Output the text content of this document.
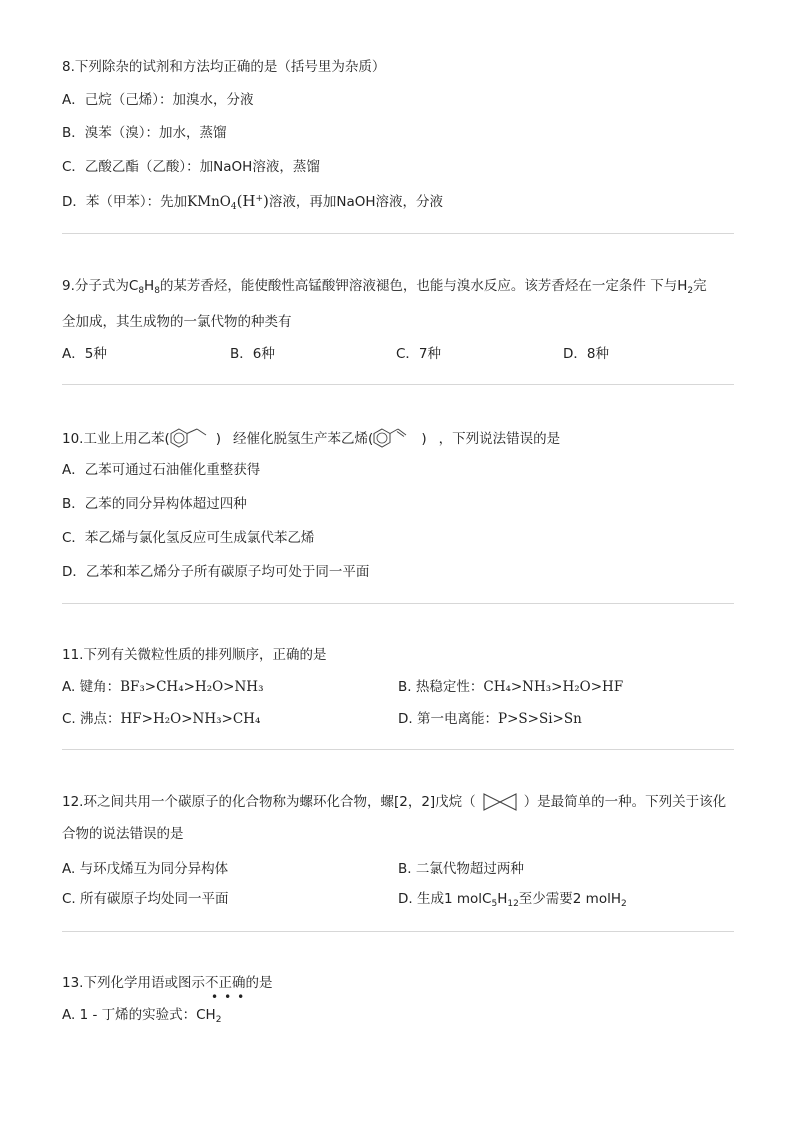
8.下列除杂的试剂和方法均正确的是（括号里为杂质）
A．己烷（己烯）：加溴水，分液
B．溴苯（溴）：加水，蒸馏
C．乙酸乙酯（乙酸）：加NaOH溶液，蒸馏
D．苯（甲苯）：先加KMnO$_4$(H+)溶液，再加NaOH溶液，分液
9.分子式为$C_8H_8$的某芳香烃，能使酸性高锰酸钾溶液褪色，也能与溴水反应。该芳香烃在一定条件 下与$H_2$完
全加成，其生成物的一氯代物的种类有
A．5种	B．6种	C．7种	D．8种
10.工业上用乙苯(	) 经催化脱氢生产苯乙烯(	) ，下列说法错误的是
A．乙苯可通过石油催化重整获得
B．乙苯的同分异构体超过四种
C．苯乙烯与氯化氢反应可生成氯代苯乙烯
D．乙苯和苯乙烯分子所有碳原子均可处于同一平面
11.下列有关微粒性质的排列顺序，正确的是
A. 键角：BF₃>CH₄>H₂O>NH₃	B. 热稳定性：CH₄>NH₃>H₂O>HF
C. 沸点：HF>H₂O>NH₃>CH₄	D. 第一电离能：P>S>Si>Sn
12.环之间共用一个碳原子的化合物称为螺环化合物，螺[2，2]戊烷（	）是最简单的一种。下列关于该化
合物的说法错误的是
A. 与环戊烯互为同分异构体	B. 二氯代物超过两种
C. 所有碳原子均处同一平面	D. 生成1 $molC_5H_{12}$至少需要2 molH$_2$
13.下列化学用语或图示不正确的是
•••
A. 1 - 丁烯的实验式：$CH_2$
